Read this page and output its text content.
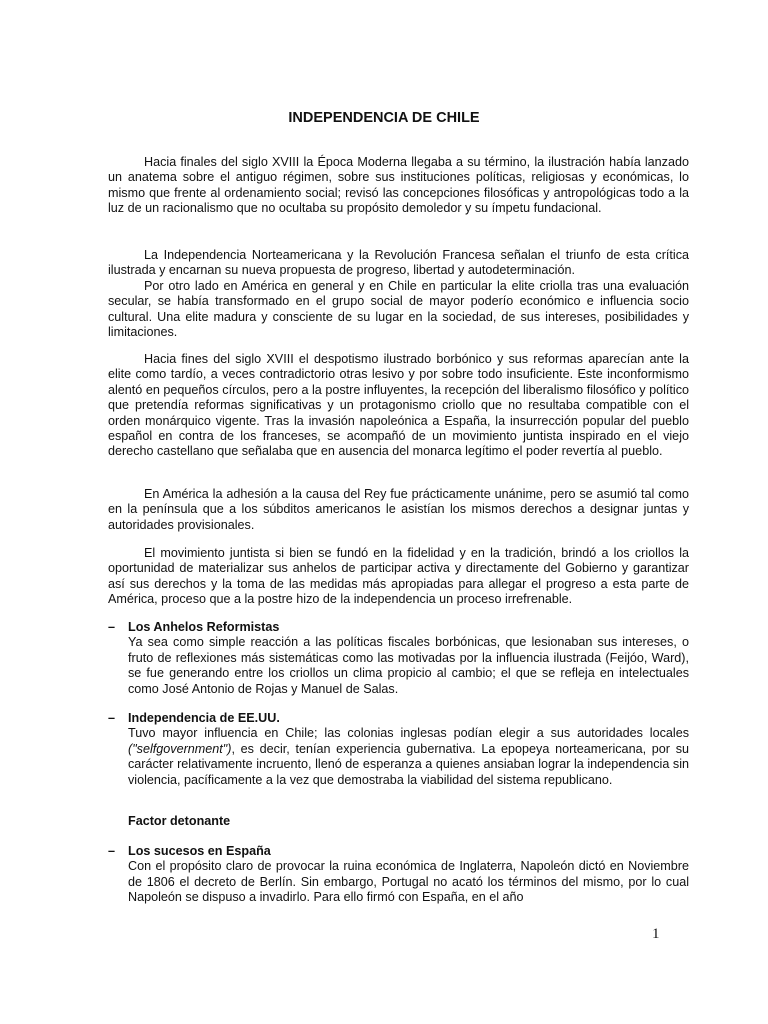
INDEPENDENCIA DE CHILE

Hacia finales del siglo XVIII la Época Moderna llegaba a su término, la ilustración había lanzado un anatema sobre el antiguo régimen, sobre sus instituciones políticas, religiosas y económicas, lo mismo que frente al ordenamiento social; revisó las concepciones filosóficas y antropológicas todo a la luz de un racionalismo que no ocultaba su propósito demoledor y su ímpetu fundacional.

La Independencia Norteamericana y la Revolución Francesa señalan el triunfo de esta crítica ilustrada y encarnan su nueva propuesta de progreso, libertad y autodeterminación.

Por otro lado en América en general y en Chile en particular la elite criolla tras una evaluación secular, se había transformado en el grupo social de mayor poderío económico e influencia socio cultural. Una elite madura y consciente de su lugar en la sociedad, de sus intereses, posibilidades y limitaciones.

Hacia fines del siglo XVIII el despotismo ilustrado borbónico y sus reformas aparecían ante la elite como tardío, a veces contradictorio otras lesivo y por sobre todo insuficiente. Este inconformismo alentó en pequeños círculos, pero a la postre influyentes, la recepción del liberalismo filosófico y político que pretendía reformas significativas y un protagonismo criollo que no resultaba compatible con el orden monárquico vigente. Tras la invasión napoleónica a España, la insurrección popular del pueblo español en contra de los franceses, se acompañó de un movimiento juntista inspirado en el viejo derecho castellano que señalaba que en ausencia del monarca legítimo el poder revertía al pueblo.

En América la adhesión a la causa del Rey fue prácticamente unánime, pero se asumió tal como en la península que a los súbditos americanos le asistían los mismos derechos a designar juntas y autoridades provisionales.

El movimiento juntista si bien se fundó en la fidelidad y en la tradición, brindó a los criollos la oportunidad de materializar sus anhelos de participar activa y directamente del Gobierno y garantizar así sus derechos y la toma de las medidas más apropiadas para allegar el progreso a esta parte de América, proceso que a la postre hizo de la independencia un proceso irrefrenable.

– Los Anhelos Reformistas

Ya sea como simple reacción a las políticas fiscales borbónicas, que lesionaban sus intereses, o fruto de reflexiones más sistemáticas como las motivadas por la influencia ilustrada (Feijóo, Ward), se fue generando entre los criollos un clima propicio al cambio; el que se refleja en intelectuales como José Antonio de Rojas y Manuel de Salas.

– Independencia de EE.UU.

Tuvo mayor influencia en Chile; las colonias inglesas podían elegir a sus autoridades locales ("selfgovernment"), es decir, tenían experiencia gubernativa. La epopeya norteamericana, por su carácter relativamente incruento, llenó de esperanza a quienes ansiaban lograr la independencia sin violencia, pacíficamente a la vez que demostraba la viabilidad del sistema republicano.

Factor detonante
– Los sucesos en España

Con el propósito claro de provocar la ruina económica de Inglaterra, Napoleón dictó en Noviembre de 1806 el decreto de Berlín. Sin embargo, Portugal no acató los términos del mismo, por lo cual Napoleón se dispuso a invadirlo. Para ello firmó con España, en el año

1
